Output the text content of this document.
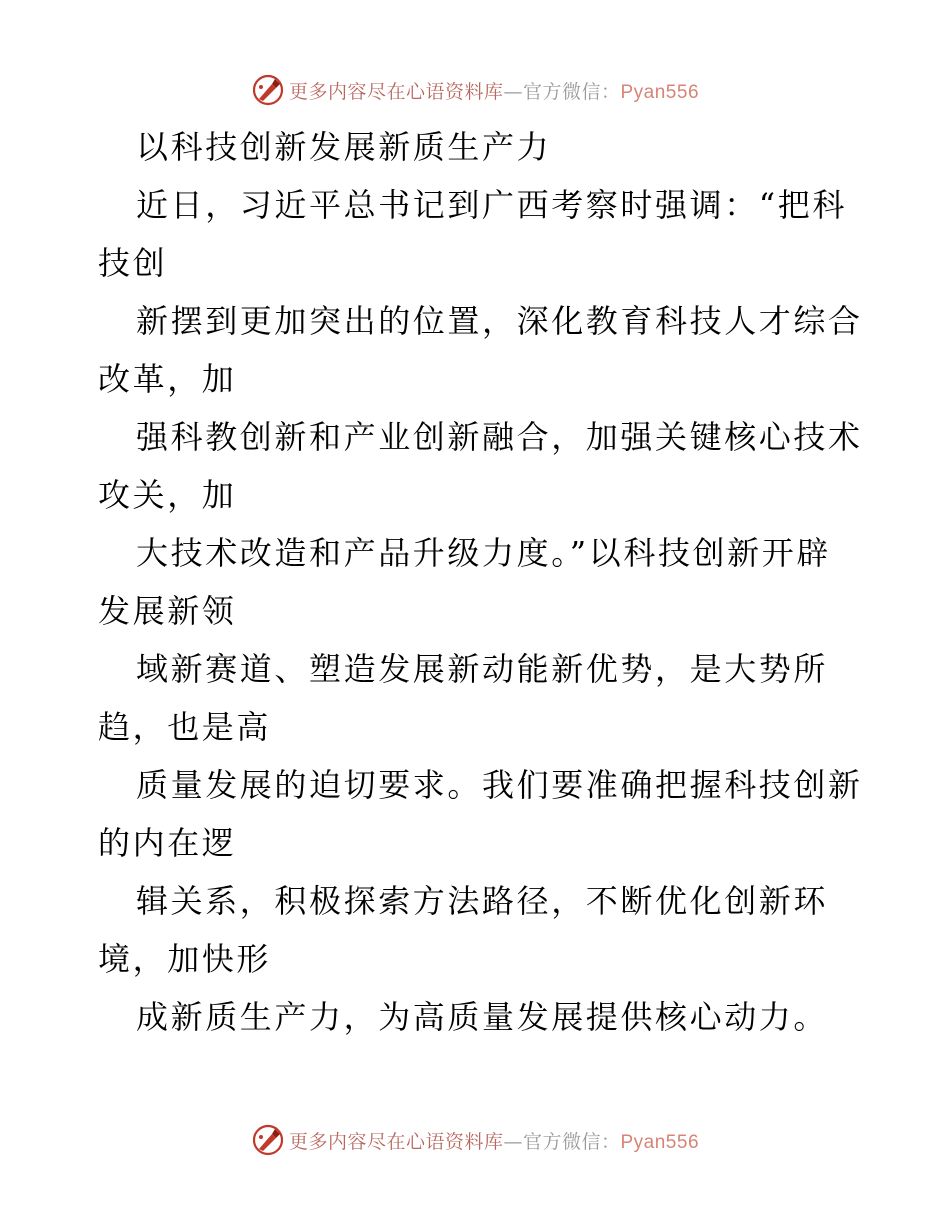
更多内容尽在心语资料库—官方微信：Pyan556
以科技创新发展新质生产力
近日，习近平总书记到广西考察时强调：“把科
技创
新摆到更加突出的位置，深化教育科技人才综合
改革，加
强科教创新和产业创新融合，加强关键核心技术
攻关，加
大技术改造和产品升级力度。”以科技创新开辟
发展新领
域新赛道、塑造发展新动能新优势，是大势所
趋，也是高
质量发展的迫切要求。我们要准确把握科技创新
的内在逻
辑关系，积极探索方法路径，不断优化创新环
境，加快形
成新质生产力，为高质量发展提供核心动力。
更多内容尽在心语资料库—官方微信：Pyan556
